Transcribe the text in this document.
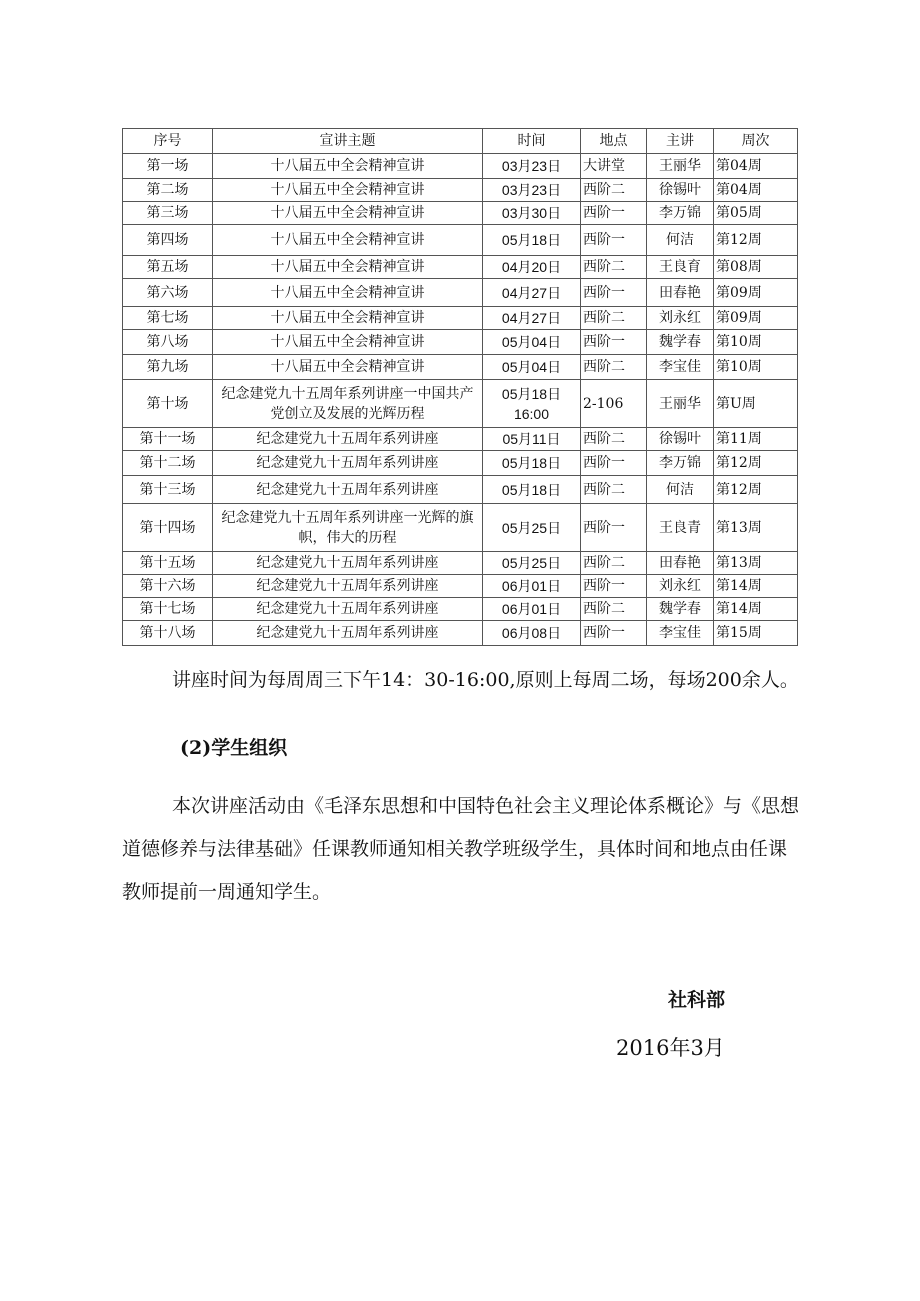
序号	宣讲主题	时间	地点	主讲	周次
第一场	十八届五中全会精神宣讲	03月23日	大讲堂	王丽华	第04周
第二场	十八届五中全会精神宣讲	03月23日	西阶二	徐锡叶	第04周
第三场	十八届五中全会精神宣讲	03月30日	西阶一	李万锦	第05周
第四场	十八届五中全会精神宣讲	05月18日	西阶一	何洁	第12周
第五场	十八届五中全会精神宣讲	04月20日	西阶二	王良育	第08周
第六场	十八届五中全会精神宣讲	04月27日	西阶一	田春艳	第09周
第七场	十八届五中全会精神宣讲	04月27日	西阶二	刘永红	第09周
第八场	十八届五中全会精神宣讲	05月04日	西阶一	魏学春	第10周
第九场	十八届五中全会精神宣讲	05月04日	西阶二	李宝佳	第10周
第十场	纪念建党九十五周年系列讲座一中国共产党创立及发展的光辉历程	05月18日 16:00	2-106	王丽华	第U周
第十一场	纪念建党九十五周年系列讲座	05月11日	西阶二	徐锡叶	第11周
第十二场	纪念建党九十五周年系列讲座	05月18日	西阶一	李万锦	第12周
第十三场	纪念建党九十五周年系列讲座	05月18日	西阶二	何洁	第12周
第十四场	纪念建党九十五周年系列讲座一光辉的旗帜，伟大的历程	05月25日	西阶一	王良青	第13周
第十五场	纪念建党九十五周年系列讲座	05月25日	西阶二	田春艳	第13周
第十六场	纪念建党九十五周年系列讲座	06月01日	西阶一	刘永红	第14周
第十七场	纪念建党九十五周年系列讲座	06月01日	西阶二	魏学春	第14周
第十八场	纪念建党九十五周年系列讲座	06月08日	西阶一	李宝佳	第15周

讲座时间为每周周三下午14：30-16:00,原则上每周二场，每场200余人。

(2)学生组织

本次讲座活动由《毛泽东思想和中国特色社会主义理论体系概论》与《思想道德修养与法律基础》任课教师通知相关教学班级学生，具体时间和地点由任课教师提前一周通知学生。

社科部

2016年3月
